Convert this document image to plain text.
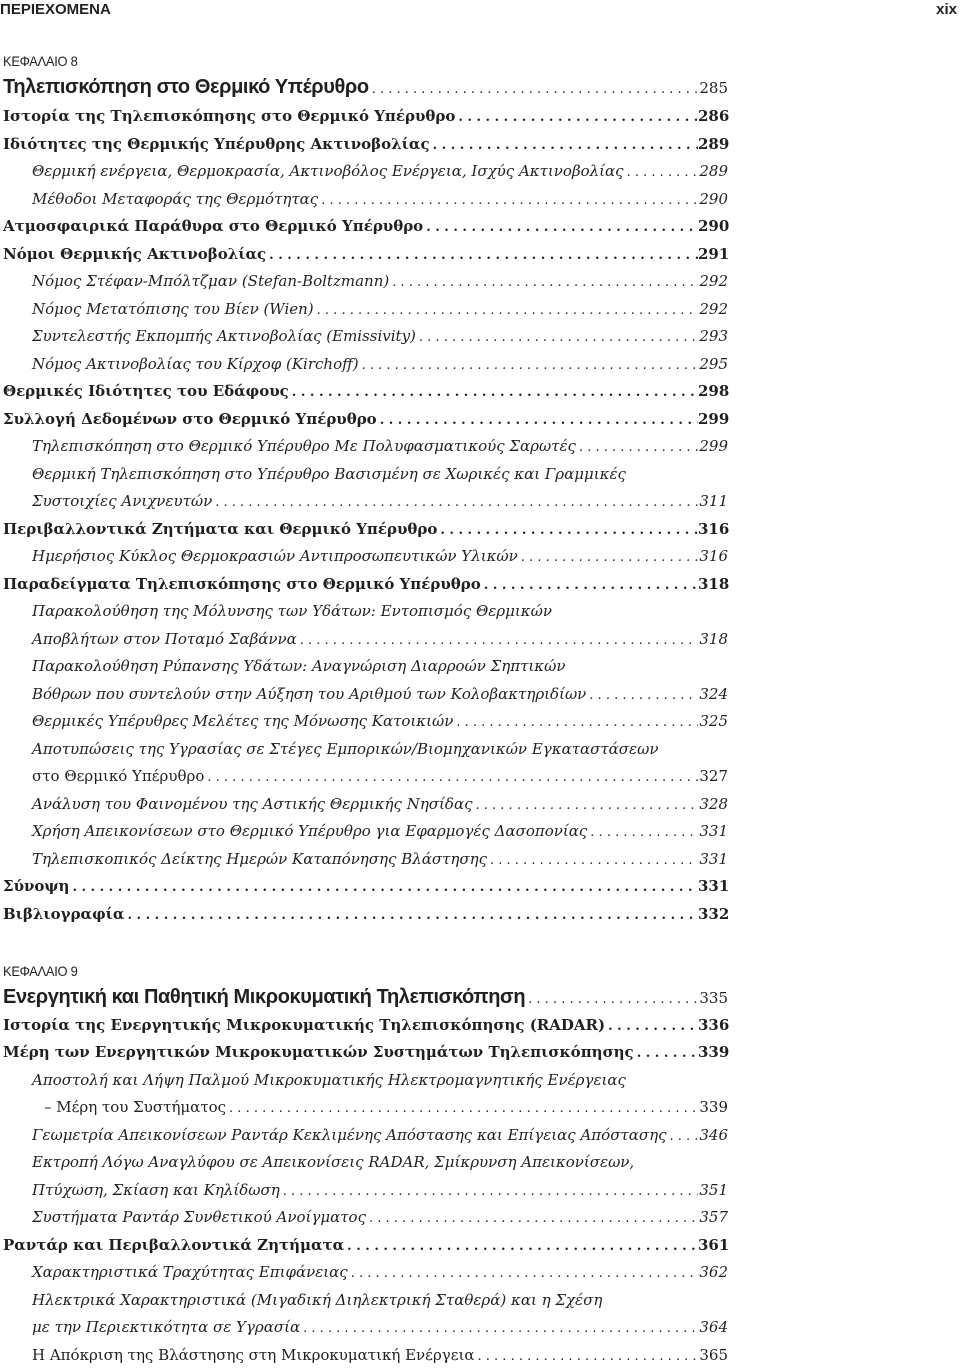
ΠΕΡΙΕΧΟΜΕΝΑ	xix
ΚΕΦΑΛΑΙΟ 8
Τηλεπισκόπηση στο Θερμικό Υπέρυθρο . . .	285
Ιστορία της Τηλεπισκόπησης στο Θερμικό Υπέρυθρο . . .	286
Ιδιότητες της Θερμικής Υπέρυθρης Ακτινοβολίας . . .	289
Θερμική ενέργεια, Θερμοκρασία, Ακτινοβόλος Ενέργεια, Ισχύς Ακτινοβολίας . . .	289
Μέθοδοι Μεταφοράς της Θερμότητας . . .	290
Ατμοσφαιρικά Παράθυρα στο Θερμικό Υπέρυθρο . . .	290
Νόμοι Θερμικής Ακτινοβολίας . . .	291
Νόμος Στέφαν-Μπόλτζμαν (Stefan-Boltzmann) . . .	292
Νόμος Μετατόπισης του Βίεν (Wien) . . .	292
Συντελεστής Εκπομπής Ακτινοβολίας (Emissivity) . . .	293
Νόμος Ακτινοβολίας του Κίρχοφ (Kirchoff) . . .	295
Θερμικές Ιδιότητες του Εδάφους . . .	298
Συλλογή Δεδομένων στο Θερμικό Υπέρυθρο . . .	299
Τηλεπισκόπηση στο Θερμικό Υπέρυθρο Με Πολυφασματικούς Σαρωτές . . .	299
Θερμική Τηλεπισκόπηση στο Υπέρυθρο Βασισμένη σε Χωρικές και Γραμμικές
Συστοιχίες Ανιχνευτών . . .	311
Περιβαλλοντικά Ζητήματα και Θερμικό Υπέρυθρο . . .	316
Ημερήσιος Κύκλος Θερμοκρασιών Αντιπροσωπευτικών Υλικών . . .	316
Παραδείγματα Τηλεπισκόπησης στο Θερμικό Υπέρυθρο . . .	318
Παρακολούθηση της Μόλυνσης των Υδάτων: Εντοπισμός Θερμικών
Αποβλήτων στον Ποταμό Σαβάννα . . .	318
Παρακολούθηση Ρύπανσης Υδάτων: Αναγνώριση Διαρροών Σηπτικών
Βόθρων που συντελούν στην Αύξηση του Αριθμού των Κολοβακτηριδίων . . .	324
Θερμικές Υπέρυθρες Μελέτες της Μόνωσης Κατοικιών . . .	325
Αποτυπώσεις της Υγρασίας σε Στέγες Εμπορικών/Βιομηχανικών Εγκαταστάσεων
στο Θερμικό Υπέρυθρο . . .	327
Ανάλυση του Φαινομένου της Αστικής Θερμικής Νησίδας . . .	328
Χρήση Απεικονίσεων στο Θερμικό Υπέρυθρο για Εφαρμογές Δασοπονίας . . .	331
Τηλεπισκοπικός Δείκτης Ημερών Καταπόνησης Βλάστησης . . .	331
Σύνοψη . . .	331
Βιβλιογραφία . . .	332
ΚΕΦΑΛΑΙΟ 9
Ενεργητική και Παθητική Μικροκυματική Τηλεπισκόπηση . . .	335
Ιστορία της Ενεργητικής Μικροκυματικής Τηλεπισκόπησης (RADAR) . . .	336
Μέρη των Ενεργητικών Μικροκυματικών Συστημάτων Τηλεπισκόπησης . . .	339
Αποστολή και Λήψη Παλμού Μικροκυματικής Ηλεκτρομαγνητικής Ενέργειας
– Μέρη του Συστήματος . . .	339
Γεωμετρία Απεικονίσεων Ραντάρ Κεκλιμένης Απόστασης και Επίγειας Απόστασης . . . 346
Εκτροπή Λόγω Αναγλύφου σε Απεικονίσεις RADAR, Σμίκρυνση Απεικονίσεων,
Πτύχωση, Σκίαση και Κηλίδωση . . .	351
Συστήματα Ραντάρ Συνθετικού Ανοίγματος . . .	357
Ραντάρ και Περιβαλλοντικά Ζητήματα . . .	361
Χαρακτηριστικά Τραχύτητας Επιφάνειας . . .	362
Ηλεκτρικά Χαρακτηριστικά (Μιγαδική Διηλεκτρική Σταθερά) και η Σχέση
με την Περιεκτικότητα σε Υγρασία . . .	364
Η Απόκριση της Βλάστησης στη Μικροκυματική Ενέργεια . . .	365
